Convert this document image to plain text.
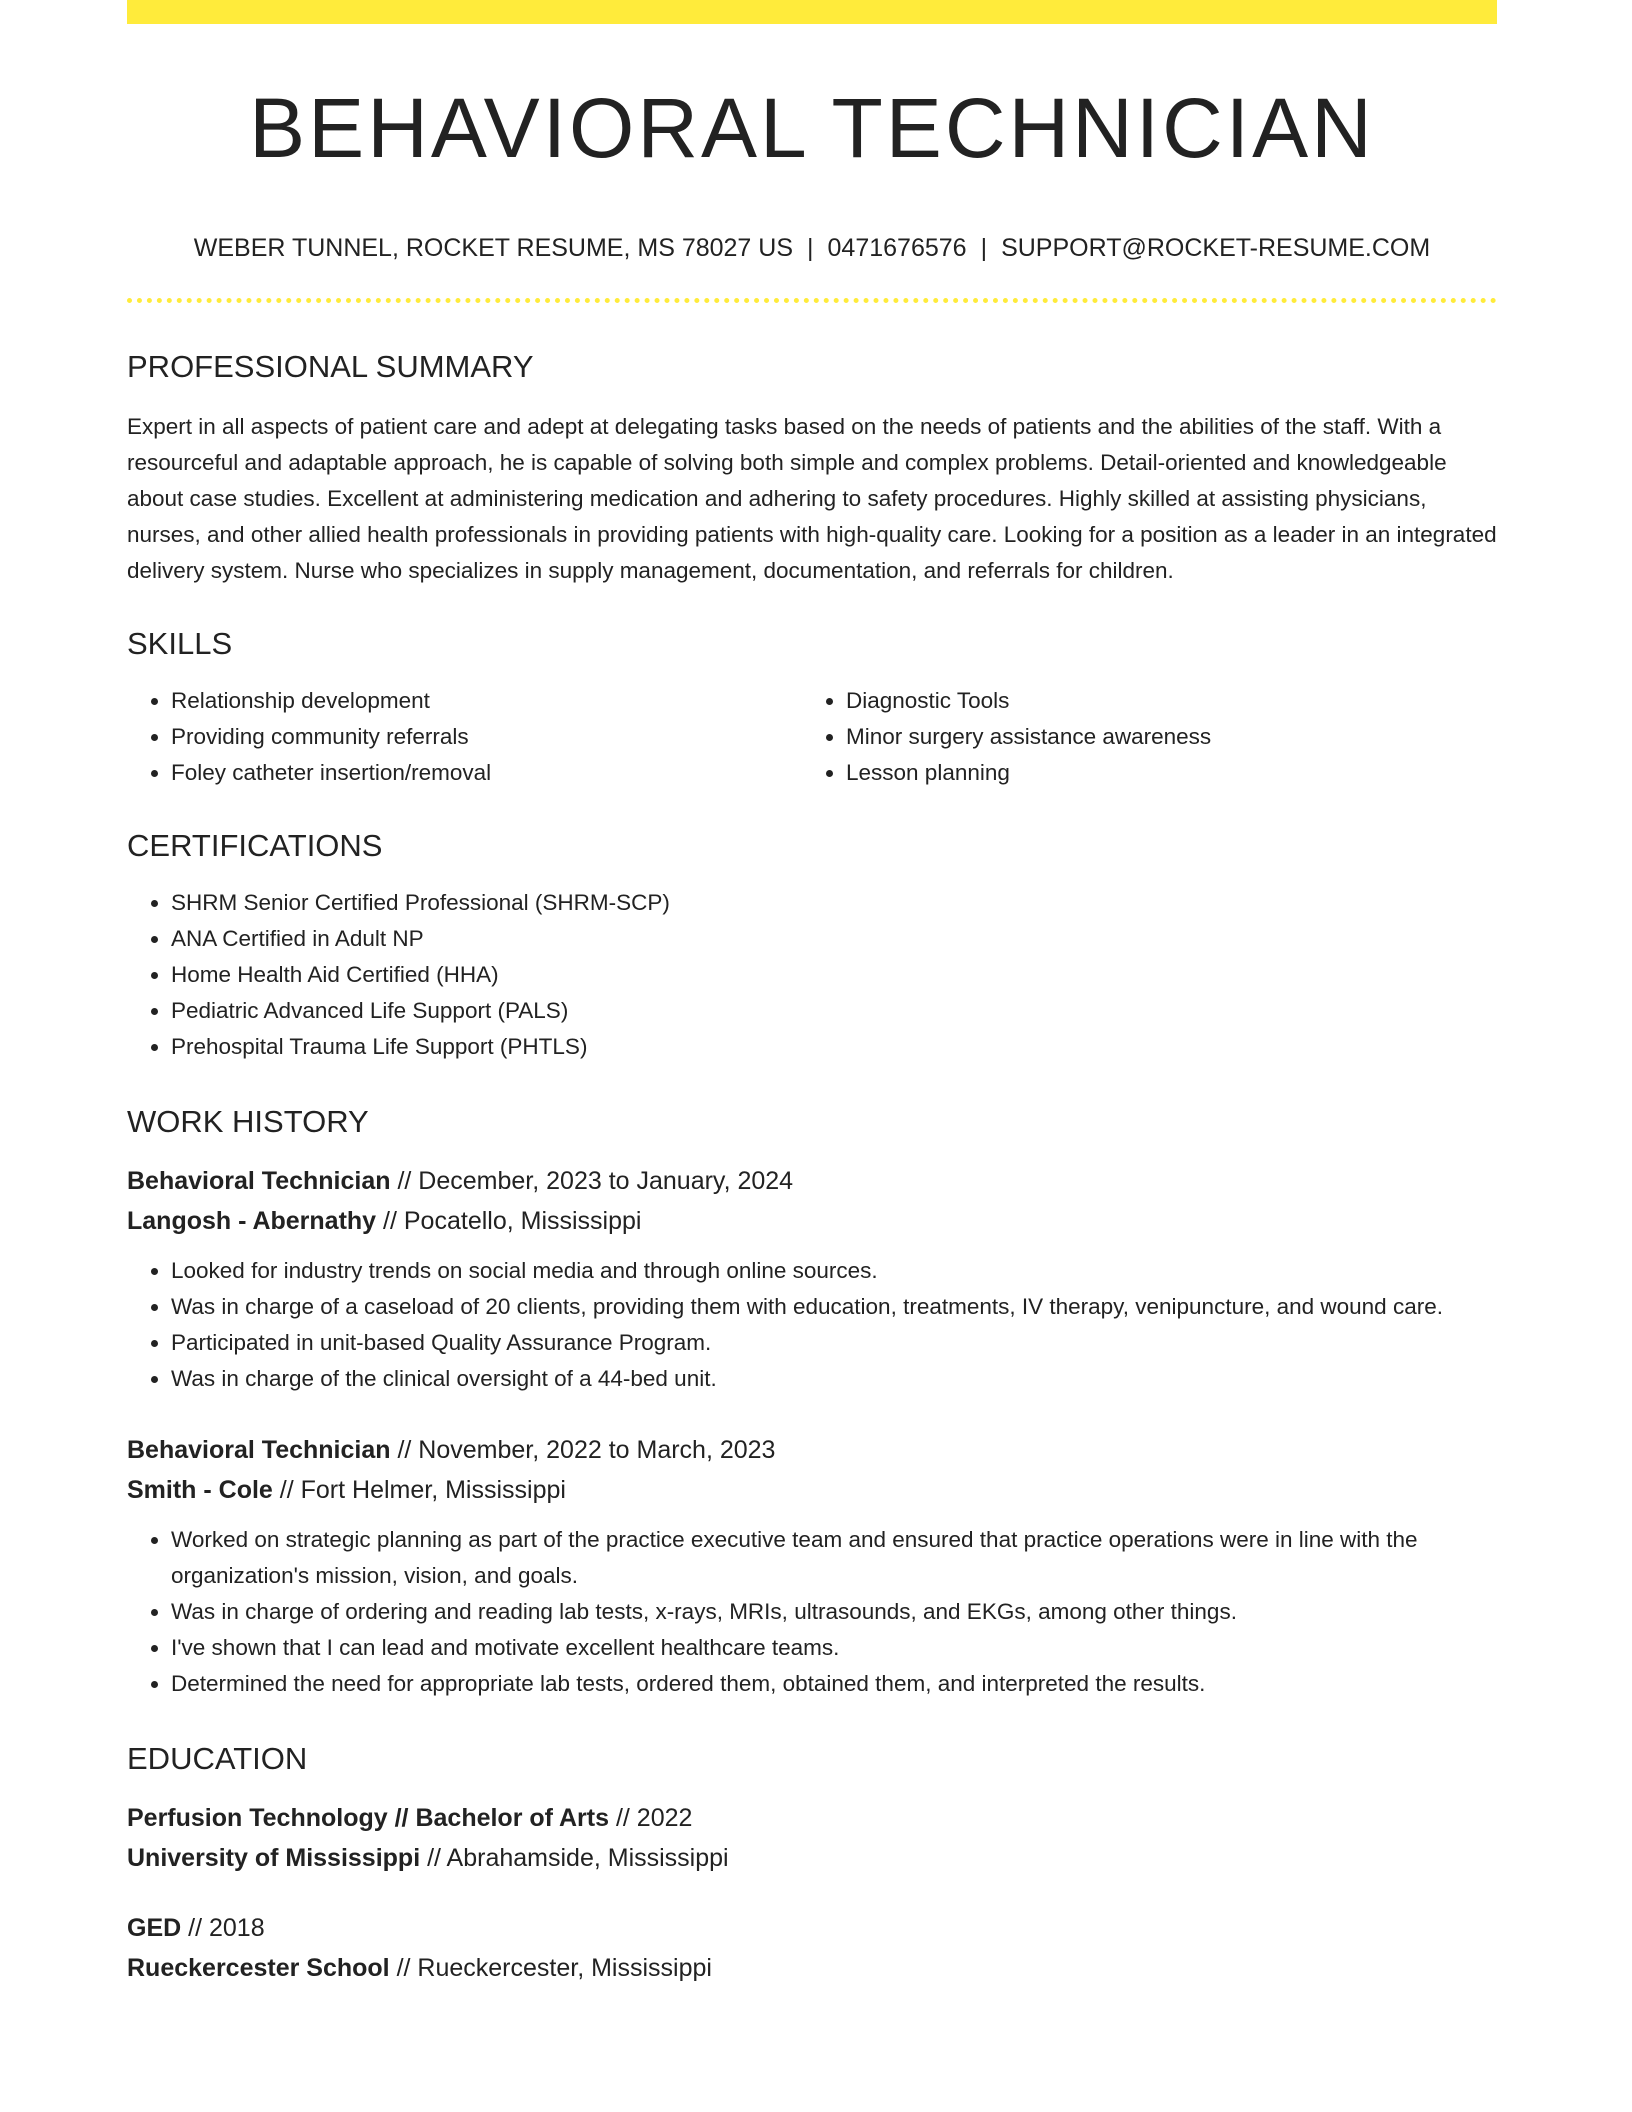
BEHAVIORAL TECHNICIAN
WEBER TUNNEL, ROCKET RESUME, MS 78027 US | 0471676576 | SUPPORT@ROCKET-RESUME.COM
PROFESSIONAL SUMMARY
Expert in all aspects of patient care and adept at delegating tasks based on the needs of patients and the abilities of the staff. With a resourceful and adaptable approach, he is capable of solving both simple and complex problems. Detail-oriented and knowledgeable about case studies. Excellent at administering medication and adhering to safety procedures. Highly skilled at assisting physicians, nurses, and other allied health professionals in providing patients with high-quality care. Looking for a position as a leader in an integrated delivery system. Nurse who specializes in supply management, documentation, and referrals for children.
SKILLS
• Relationship development
• Providing community referrals
• Foley catheter insertion/removal
• Diagnostic Tools
• Minor surgery assistance awareness
• Lesson planning
CERTIFICATIONS
• SHRM Senior Certified Professional (SHRM-SCP)
• ANA Certified in Adult NP
• Home Health Aid Certified (HHA)
• Pediatric Advanced Life Support (PALS)
• Prehospital Trauma Life Support (PHTLS)
WORK HISTORY
Behavioral Technician // December, 2023 to January, 2024
Langosh - Abernathy // Pocatello, Mississippi
• Looked for industry trends on social media and through online sources.
• Was in charge of a caseload of 20 clients, providing them with education, treatments, IV therapy, venipuncture, and wound care.
• Participated in unit-based Quality Assurance Program.
• Was in charge of the clinical oversight of a 44-bed unit.
Behavioral Technician // November, 2022 to March, 2023
Smith - Cole // Fort Helmer, Mississippi
• Worked on strategic planning as part of the practice executive team and ensured that practice operations were in line with the organization's mission, vision, and goals.
• Was in charge of ordering and reading lab tests, x-rays, MRIs, ultrasounds, and EKGs, among other things.
• I've shown that I can lead and motivate excellent healthcare teams.
• Determined the need for appropriate lab tests, ordered them, obtained them, and interpreted the results.
EDUCATION
Perfusion Technology // Bachelor of Arts // 2022
University of Mississippi // Abrahamside, Mississippi
GED // 2018
Rueckercester School // Rueckercester, Mississippi
